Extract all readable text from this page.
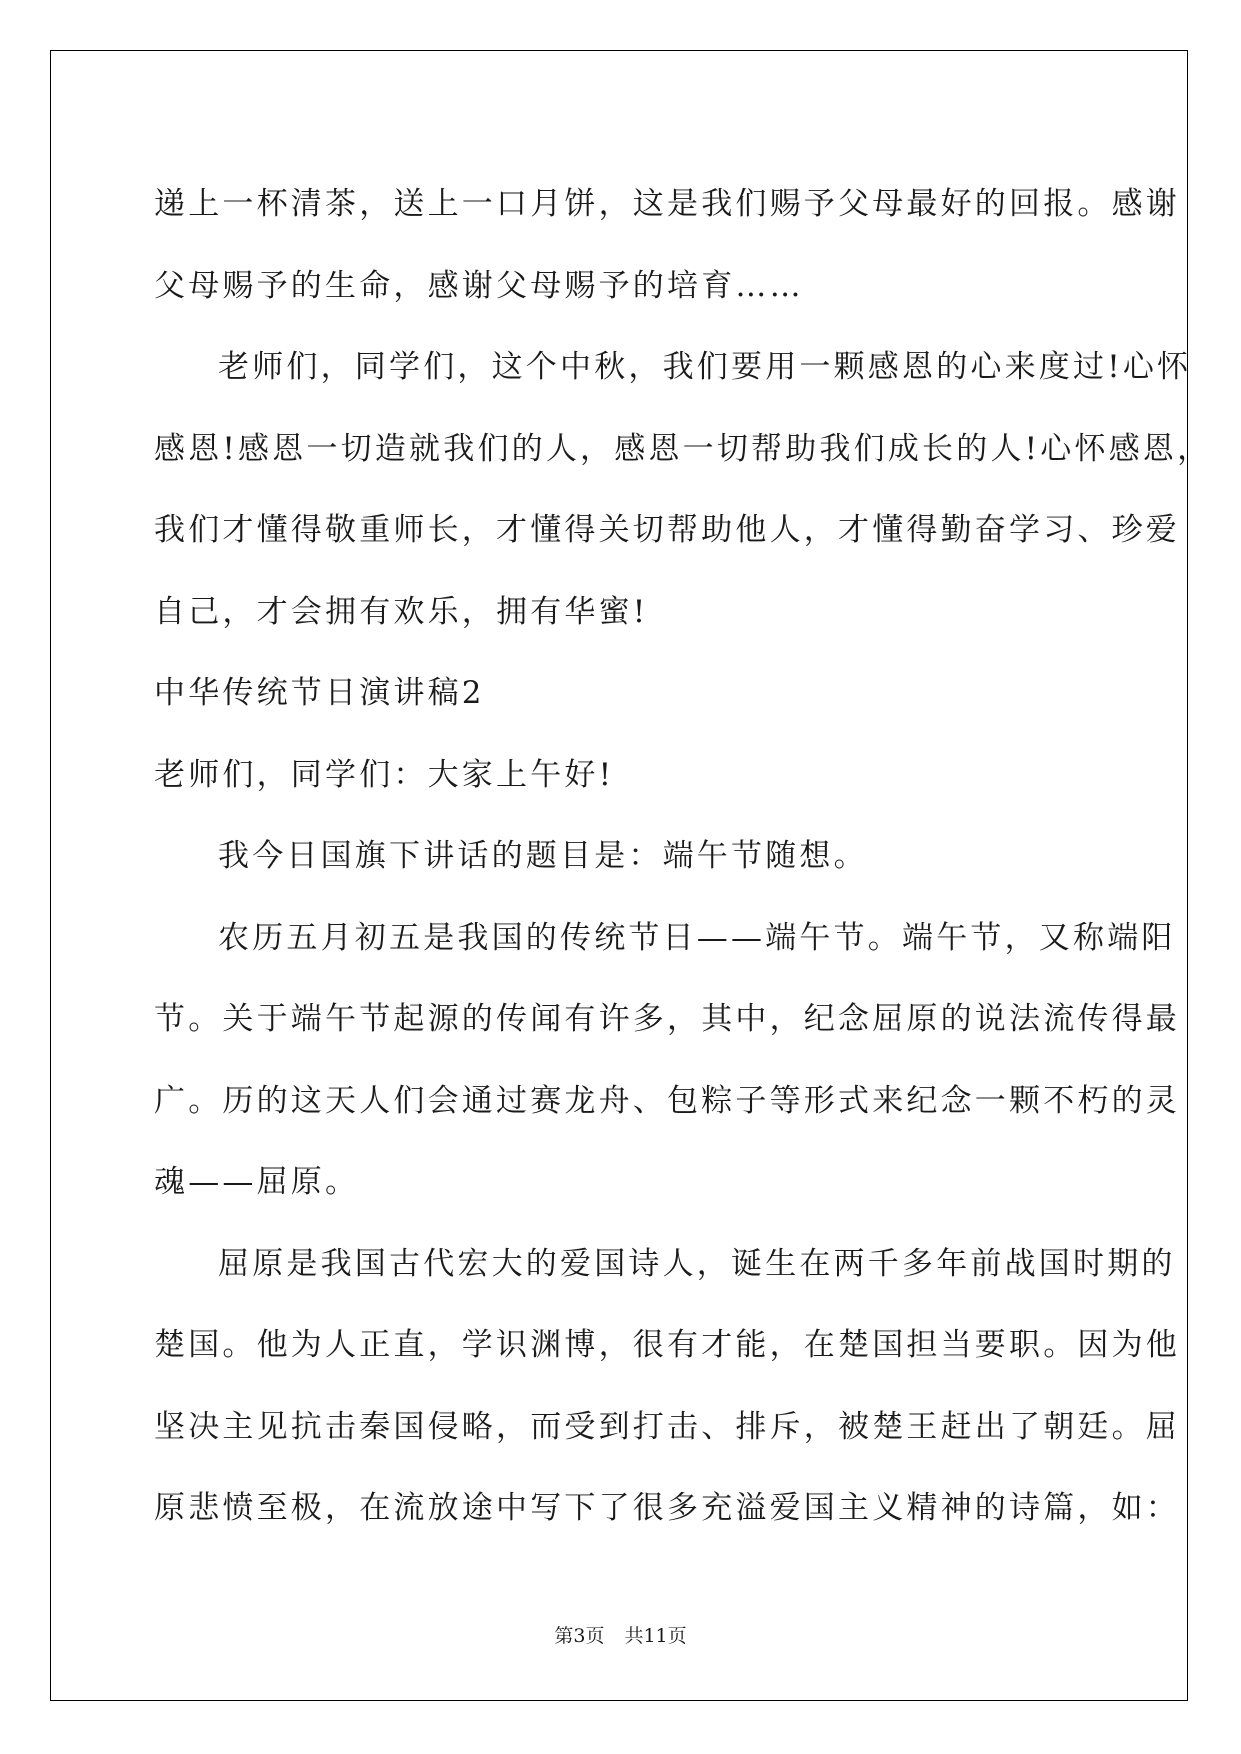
递上一杯清茶，送上一口月饼，这是我们赐予父母最好的回报。感谢

父母赐予的生命，感谢父母赐予的培育……

老师们，同学们，这个中秋，我们要用一颗感恩的心来度过!心怀

感恩!感恩一切造就我们的人，感恩一切帮助我们成长的人!心怀感恩，

我们才懂得敬重师长，才懂得关切帮助他人，才懂得勤奋学习、珍爱

自己，才会拥有欢乐，拥有华蜜!

中华传统节日演讲稿2

老师们，同学们：大家上午好!

我今日国旗下讲话的题目是：端午节随想。

农历五月初五是我国的传统节日——端午节。端午节，又称端阳

节。关于端午节起源的传闻有许多，其中，纪念屈原的说法流传得最

广。历的这天人们会通过赛龙舟、包粽子等形式来纪念一颗不朽的灵

魂——屈原。

屈原是我国古代宏大的爱国诗人，诞生在两千多年前战国时期的

楚国。他为人正直，学识渊博，很有才能，在楚国担当要职。因为他

坚决主见抗击秦国侵略，而受到打击、排斥，被楚王赶出了朝廷。屈

原悲愤至极，在流放途中写下了很多充溢爱国主义精神的诗篇，如：

第3页 共11页
